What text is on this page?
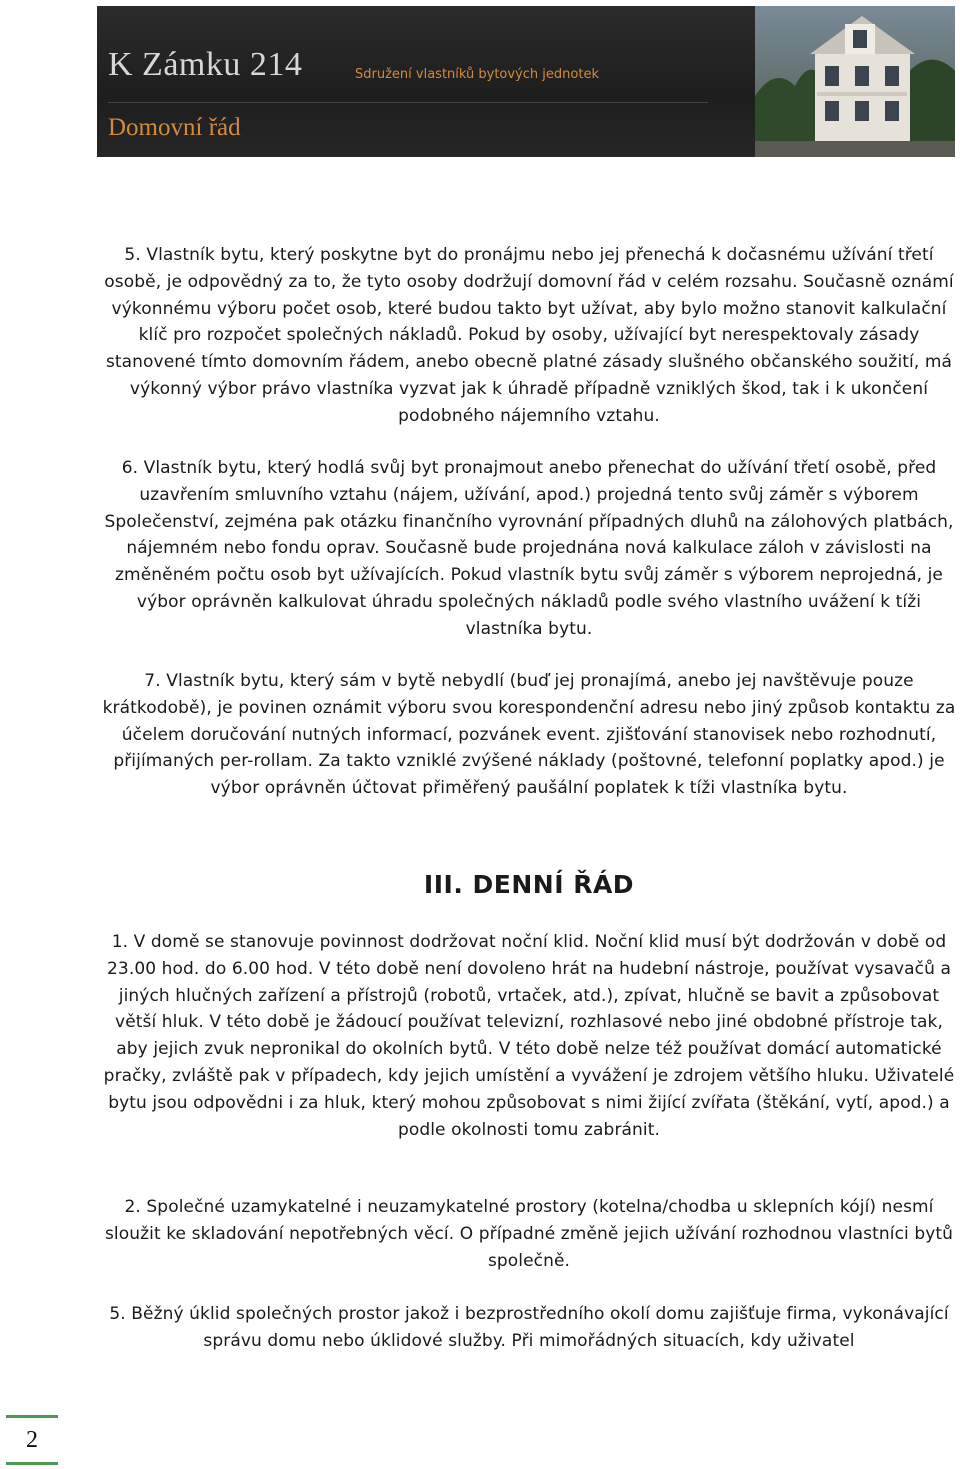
K Zámku 214	Sdružení vlastníků bytových jednotek
Domovní řád

5. Vlastník bytu, který poskytne byt do pronájmu nebo jej přenechá k dočasnému užívání třetí osobě, je odpovědný za to, že tyto osoby dodržují domovní řád v celém rozsahu. Současně oznámí výkonnému výboru počet osob, které budou takto byt užívat, aby bylo možno stanovit kalkulační klíč pro rozpočet společných nákladů. Pokud by osoby, užívající byt nerespektovaly zásady stanovené tímto domovním řádem, anebo obecně platné zásady slušného občanského soužití, má výkonný výbor právo vlastníka vyzvat jak k úhradě případně vzniklých škod, tak i k ukončení podobného nájemního vztahu.

6. Vlastník bytu, který hodlá svůj byt pronajmout anebo přenechat do užívání třetí osobě, před uzavřením smluvního vztahu (nájem, užívání, apod.) projedná tento svůj záměr s výborem Společenství, zejména pak otázku finančního vyrovnání případných dluhů na zálohových platbách, nájemném nebo fondu oprav. Současně bude projednána nová kalkulace záloh v závislosti na změněném počtu osob byt užívajících. Pokud vlastník bytu svůj záměr s výborem neprojedná, je výbor oprávněn kalkulovat úhradu společných nákladů podle svého vlastního uvážení k tíži vlastníka bytu.

7. Vlastník bytu, který sám v bytě nebydlí (buď jej pronajímá, anebo jej navštěvuje pouze krátkodobě), je povinen oznámit výboru svou korespondenční adresu nebo jiný způsob kontaktu za účelem doručování nutných informací, pozvánek event. zjišťování stanovisek nebo rozhodnutí, přijímaných per-rollam. Za takto vzniklé zvýšené náklady (poštovné, telefonní poplatky apod.) je výbor oprávněn účtovat přiměřený paušální poplatek k tíži vlastníka bytu.

III. DENNÍ ŘÁD

1. V domě se stanovuje povinnost dodržovat noční klid. Noční klid musí být dodržován v době od 23.00 hod. do 6.00 hod. V této době není dovoleno hrát na hudební nástroje, používat vysavačů a jiných hlučných zařízení a přístrojů (robotů, vrtaček, atd.), zpívat, hlučně se bavit a způsobovat větší hluk. V této době je žádoucí používat televizní, rozhlasové nebo jiné obdobné přístroje tak, aby jejich zvuk nepronikal do okolních bytů. V této době nelze též používat domácí automatické pračky, zvláště pak v případech, kdy jejich umístění a vyvážení je zdrojem většího hluku. Uživatelé bytu jsou odpovědni i za hluk, který mohou způsobovat s nimi žijící zvířata (štěkání, vytí, apod.) a podle okolnosti tomu zabránit.

2. Společné uzamykatelné i neuzamykatelné prostory (kotelna/chodba u sklepních kójí) nesmí sloužit ke skladování nepotřebných věcí. O případné změně jejich užívání rozhodnou vlastníci bytů společně.

5. Běžný úklid společných prostor jakož i bezprostředního okolí domu zajišťuje firma, vykonávající správu domu nebo úklidové služby. Při mimořádných situacích, kdy uživatel

2
